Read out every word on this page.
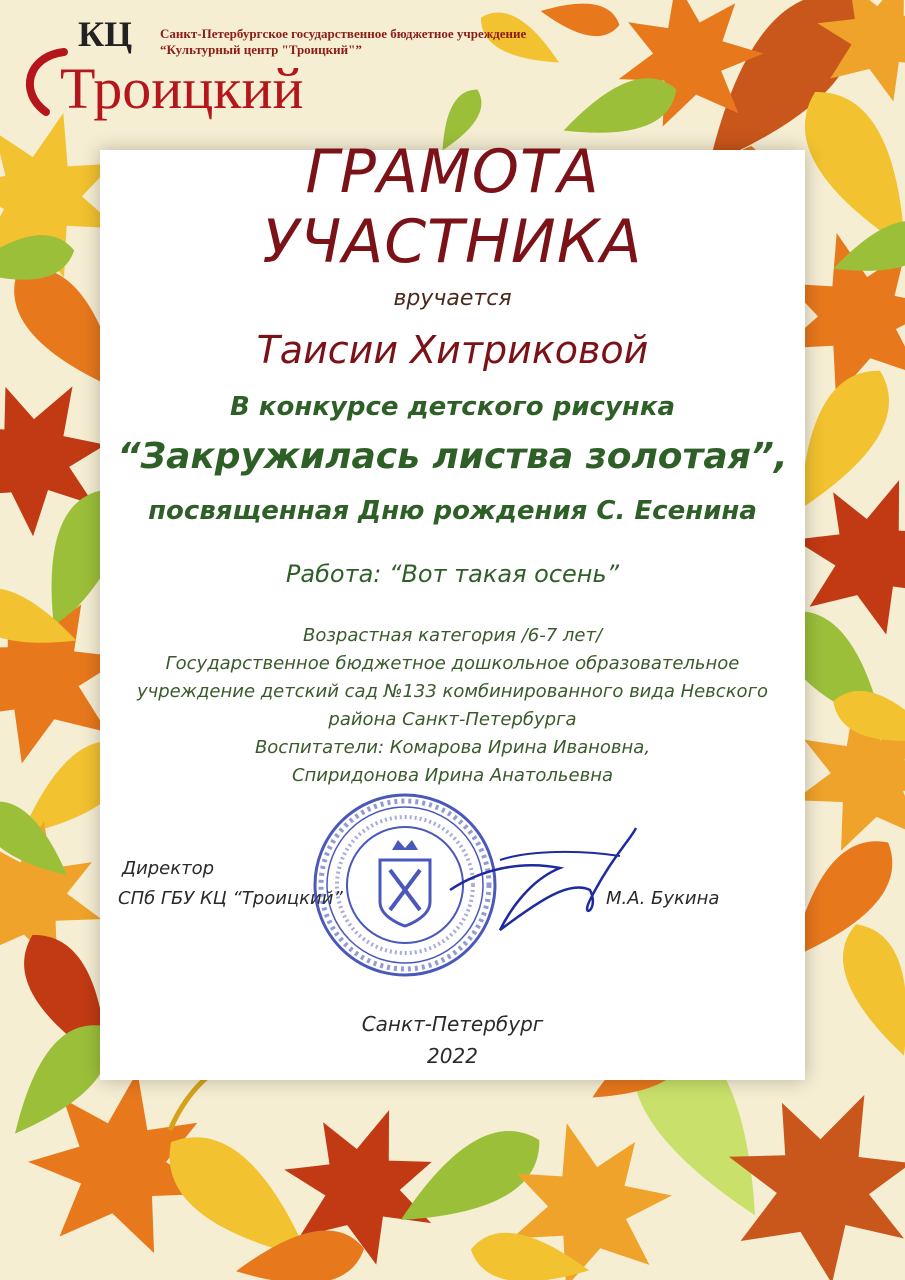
КЦ
Троицкий
Санкт-Петербургское государственное бюджетное учреждение
“Культурный центр "Троицкий"”
ГРАМОТА
УЧАСТНИКА
вручается
Таисии Хитриковой
В конкурсе детского рисунка
“Закружилась листва золотая”,
посвященная Дню рождения С. Есенина
Работа: “Вот такая осень”
Возрастная категория /6-7 лет/
Государственное бюджетное дошкольное образовательное
учреждение детский сад №133 комбинированного вида Невского
района Санкт-Петербурга
Воспитатели: Комарова Ирина Ивановна,
Спиридонова Ирина Анатольевна
Директор
СПб ГБУ КЦ “Троицкий”	М.А. Букина
Санкт-Петербург
2022
